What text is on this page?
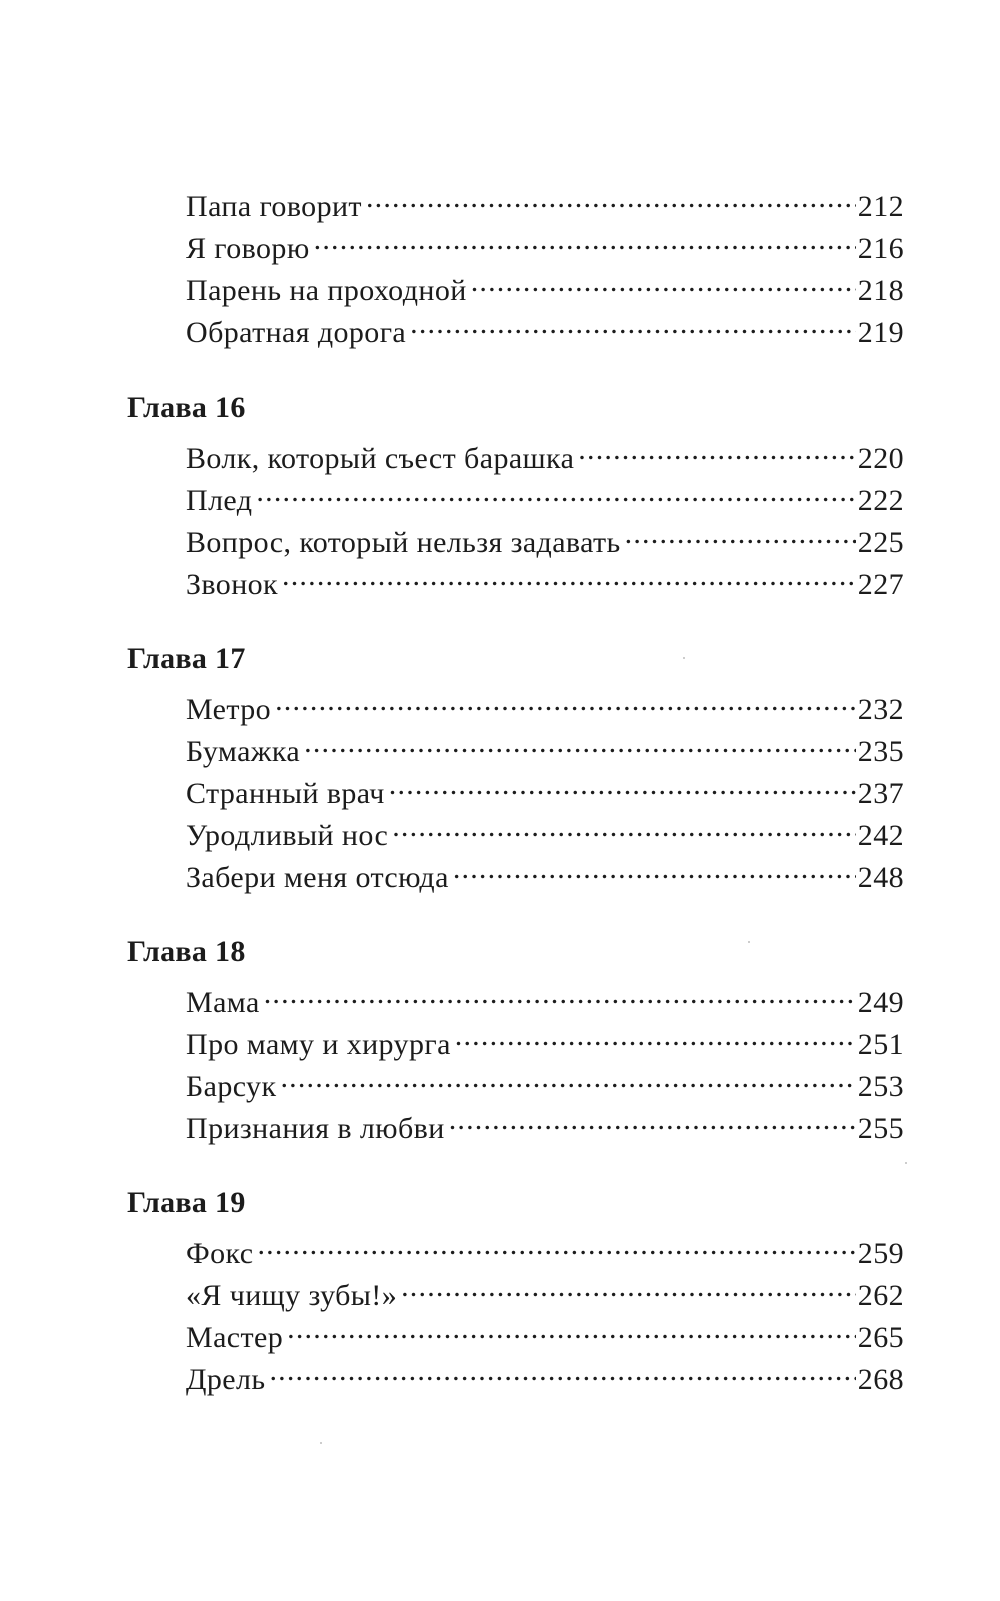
Папа говорит .....	212
Я говорю .....	216
Парень на проходной .....	218
Обратная дорога .....	219
Глава 16
Волк, который съест барашка .....	220
Плед .....	222
Вопрос, который нельзя задавать .....	225
Звонок .....	227
Глава 17
Метро .....	232
Бумажка .....	235
Странный врач .....	237
Уродливый нос .....	242
Забери меня отсюда .....	248
Глава 18
Мама .....	249
Про маму и хирурга .....	251
Барсук .....	253
Признания в любви .....	255
Глава 19
Фокс .....	259
«Я чищу зубы!» .....	262
Мастер .....	265
Дрель .....	268
